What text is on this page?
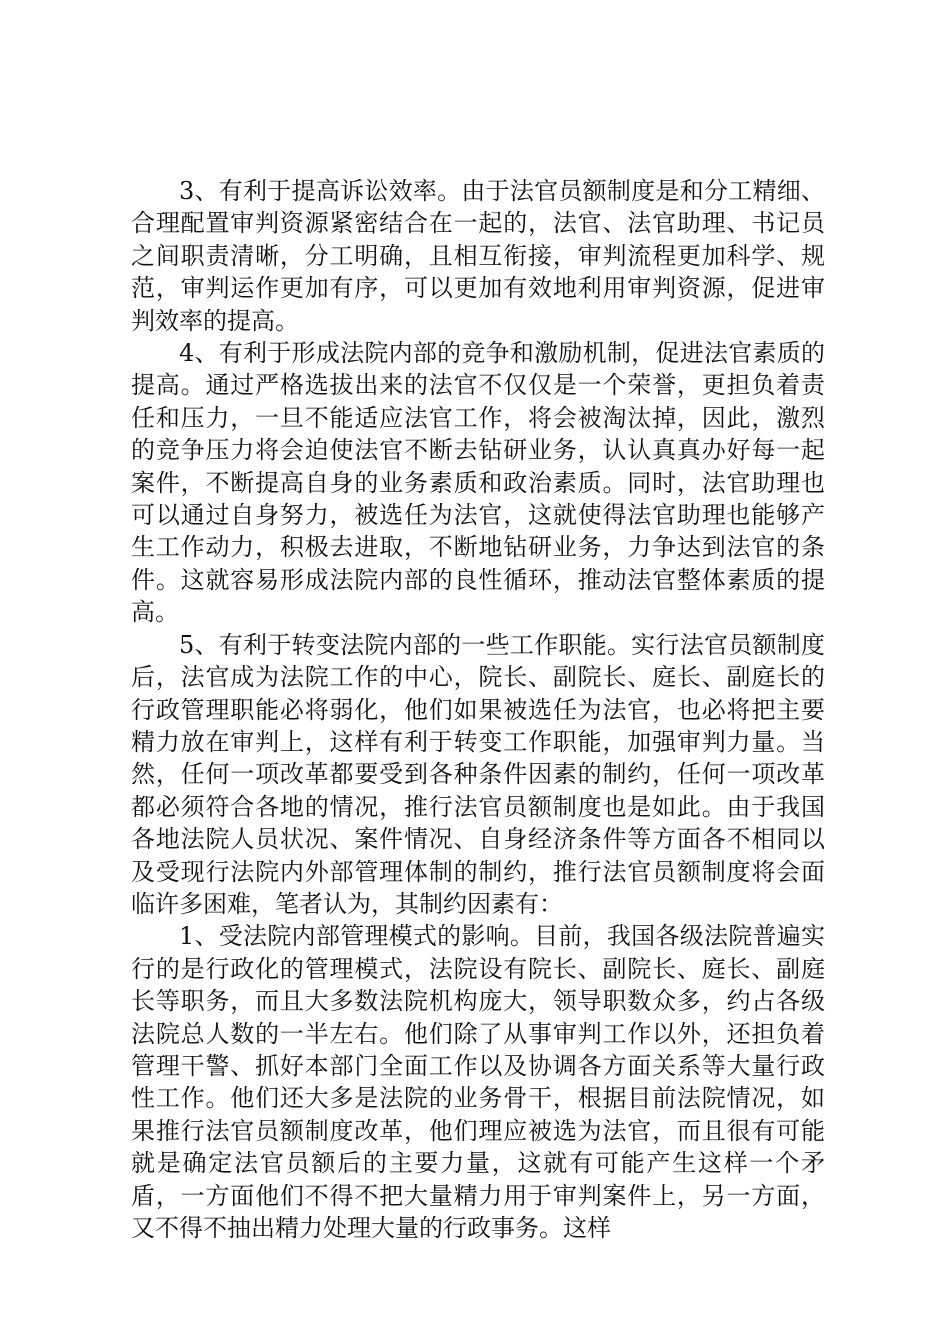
3、有利于提高诉讼效率。由于法官员额制度是和分工精细、合理配置审判资源紧密结合在一起的，法官、法官助理、书记员之间职责清晰，分工明确，且相互衔接，审判流程更加科学、规范，审判运作更加有序，可以更加有效地利用审判资源，促进审判效率的提高。

4、有利于形成法院内部的竞争和激励机制，促进法官素质的提高。通过严格选拔出来的法官不仅仅是一个荣誉，更担负着责任和压力，一旦不能适应法官工作，将会被淘汰掉，因此，激烈的竞争压力将会迫使法官不断去钻研业务，认认真真办好每一起案件，不断提高自身的业务素质和政治素质。同时，法官助理也可以通过自身努力，被选任为法官，这就使得法官助理也能够产生工作动力，积极去进取，不断地钻研业务，力争达到法官的条件。这就容易形成法院内部的良性循环，推动法官整体素质的提高。

5、有利于转变法院内部的一些工作职能。实行法官员额制度后，法官成为法院工作的中心，院长、副院长、庭长、副庭长的行政管理职能必将弱化，他们如果被选任为法官，也必将把主要精力放在审判上，这样有利于转变工作职能，加强审判力量。当然，任何一项改革都要受到各种条件因素的制约，任何一项改革都必须符合各地的情况，推行法官员额制度也是如此。由于我国各地法院人员状况、案件情况、自身经济条件等方面各不相同以及受现行法院内外部管理体制的制约，推行法官员额制度将会面临许多困难，笔者认为，其制约因素有：

1、受法院内部管理模式的影响。目前，我国各级法院普遍实行的是行政化的管理模式，法院设有院长、副院长、庭长、副庭长等职务，而且大多数法院机构庞大，领导职数众多，约占各级法院总人数的一半左右。他们除了从事审判工作以外，还担负着管理干警、抓好本部门全面工作以及协调各方面关系等大量行政性工作。他们还大多是法院的业务骨干，根据目前法院情况，如果推行法官员额制度改革，他们理应被选为法官，而且很有可能就是确定法官员额后的主要力量，这就有可能产生这样一个矛盾，一方面他们不得不把大量精力用于审判案件上，另一方面，又不得不抽出精力处理大量的行政事务。这样
